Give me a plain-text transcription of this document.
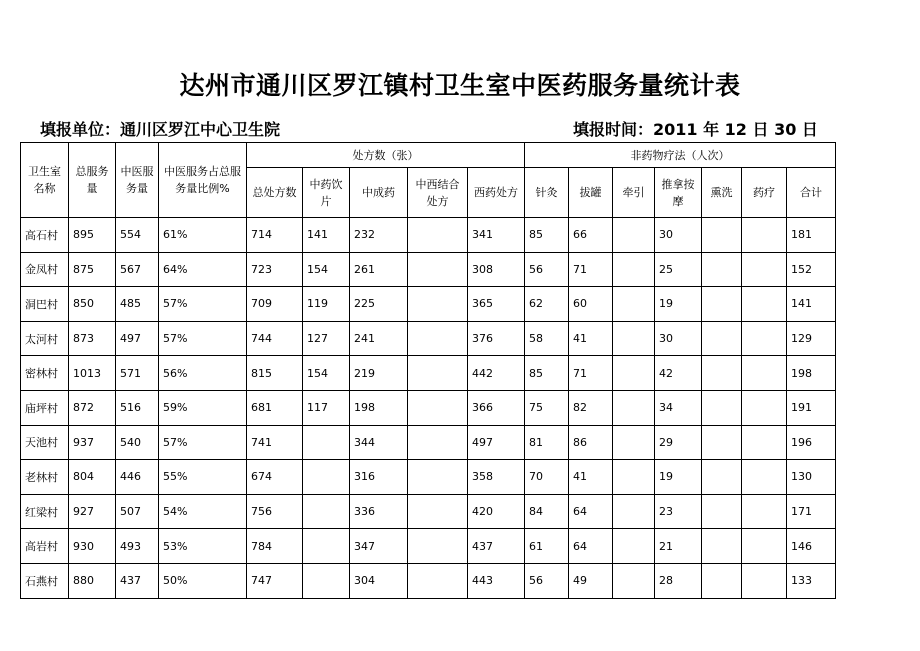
达州市通川区罗江镇村卫生室中医药服务量统计表
填报单位：通川区罗江中心卫生院	填报时间：2011 年 12 日 30 日
卫生室名称	总服务量	中医服务量	中医服务占总服务量比例%	处方数（张）					非药物疗法（人次）						
				总处方数	中药饮片	中成药	中西结合处方	西药处方	针灸	拔罐	牵引	推拿按摩	熏洗	药疗	合计
高石村	895	554	61%	714	141	232		341	85	66		30			181
金凤村	875	567	64%	723	154	261		308	56	71		25			152
洞巴村	850	485	57%	709	119	225		365	62	60		19			141
太河村	873	497	57%	744	127	241		376	58	41		30			129
密林村	1013	571	56%	815	154	219		442	85	71		42			198
庙坪村	872	516	59%	681	117	198		366	75	82		34			191
天池村	937	540	57%	741		344		497	81	86		29			196
老林村	804	446	55%	674		316		358	70	41		19			130
红梁村	927	507	54%	756		336		420	84	64		23			171
高岩村	930	493	53%	784		347		437	61	64		21			146
石燕村	880	437	50%	747		304		443	56	49		28			133
